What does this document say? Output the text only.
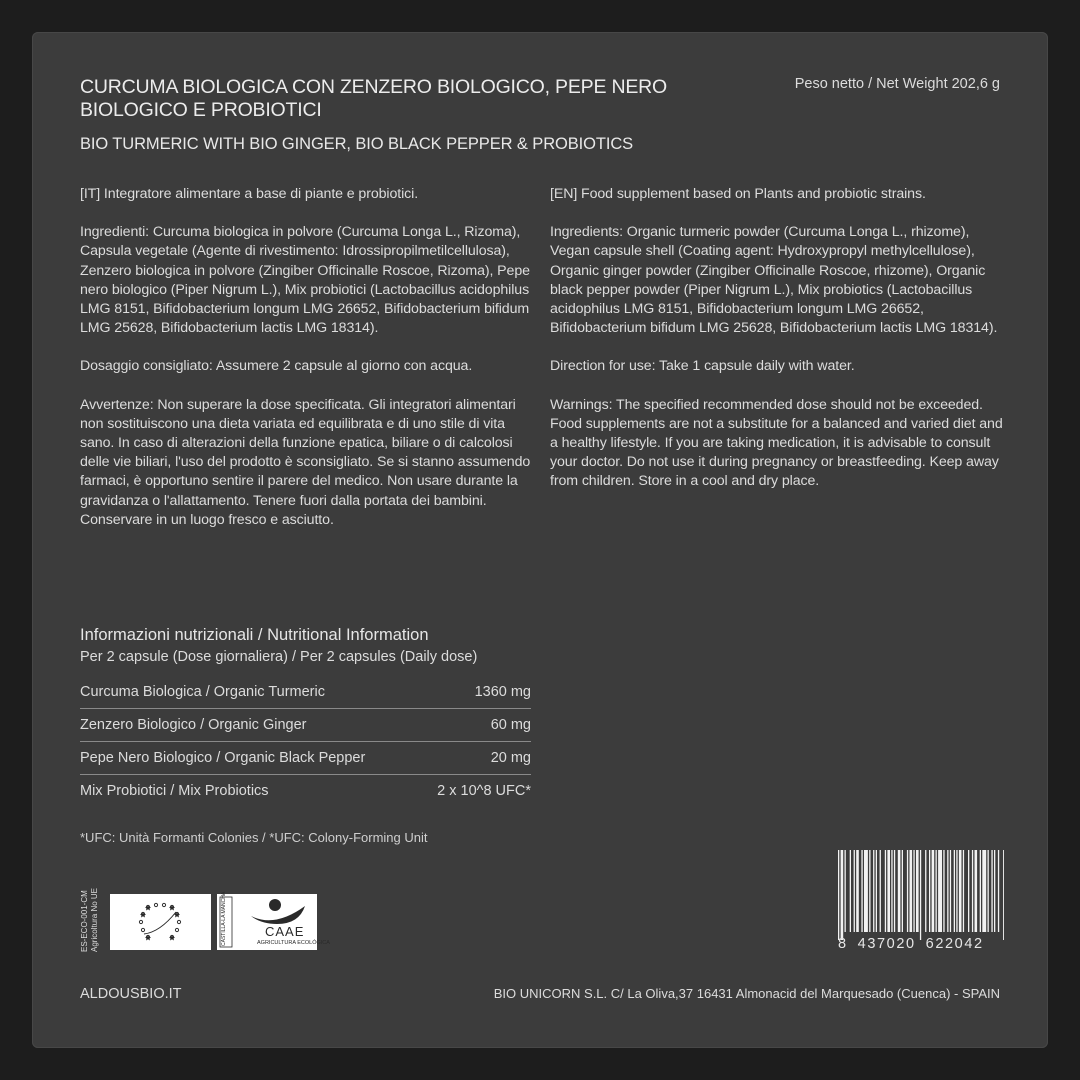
CURCUMA BIOLOGICA CON ZENZERO BIOLOGICO, PEPE NERO BIOLOGICO E PROBIOTICI
BIO TURMERIC WITH BIO GINGER, BIO BLACK PEPPER & PROBIOTICS
Peso netto / Net Weight 202,6 g

[IT] Integratore alimentare a base di piante e probiotici.

Ingredienti: Curcuma biologica in polvore (Curcuma Longa L., Rizoma), Capsula vegetale (Agente di rivestimento: Idrossipropilmetilcellulosa), Zenzero biologica in polvore (Zingiber Officinalle Roscoe, Rizoma), Pepe nero biologico (Piper Nigrum L.), Mix probiotici (Lactobacillus acidophilus LMG 8151, Bifidobacterium longum LMG 26652, Bifidobacterium bifidum LMG 25628, Bifidobacterium lactis LMG 18314).

Dosaggio consigliato: Assumere 2 capsule al giorno con acqua.

Avvertenze: Non superare la dose specificata. Gli integratori alimentari non sostituiscono una dieta variata ed equilibrata e di uno stile di vita sano. In caso di alterazioni della funzione epatica, biliare o di calcolosi delle vie biliari, l'uso del prodotto è sconsigliato. Se si stanno assumendo farmaci, è opportuno sentire il parere del medico. Non usare durante la gravidanza o l'allattamento. Tenere fuori dalla portata dei bambini. Conservare in un luogo fresco e asciutto.

[EN] Food supplement based on Plants and probiotic strains.

Ingredients: Organic turmeric powder (Curcuma Longa L., rhizome), Vegan capsule shell (Coating agent: Hydroxypropyl methylcellulose), Organic ginger powder (Zingiber Officinalle Roscoe, rhizome), Organic black pepper powder (Piper Nigrum L.), Mix probiotics (Lactobacillus acidophilus LMG 8151, Bifidobacterium longum LMG 26652, Bifidobacterium bifidum LMG 25628, Bifidobacterium lactis LMG 18314).

Direction for use: Take 1 capsule daily with water.

Warnings: The specified recommended dose should not be exceeded. Food supplements are not a substitute for a balanced and varied diet and a healthy lifestyle. If you are taking medication, it is advisable to consult your doctor. Do not use it during pregnancy or breastfeeding. Keep away from children. Store in a cool and dry place.

Informazioni nutrizionali / Nutritional Information
Per 2 capsule (Dose giornaliera) / Per 2 capsules (Daily dose)
Curcuma Biologica / Organic Turmeric	1360 mg
Zenzero Biologico / Organic Ginger	60 mg
Pepe Nero Biologico / Organic Black Pepper	20 mg
Mix Probiotici / Mix Probiotics	2 x 10^8 UFC*
*UFC: Unità Formanti Colonies / *UFC: Colony-Forming Unit
ES-ECO-001-CM Agricoltura No UE	CASTILLA-LA MANCHA	CAAE
AGRICULTURA ECOLÓGICA	8 437020 622042
ALDOUSBIO.IT	BIO UNICORN S.L. C/ La Oliva,37 16431 Almonacid del Marquesado (Cuenca) - SPAIN
